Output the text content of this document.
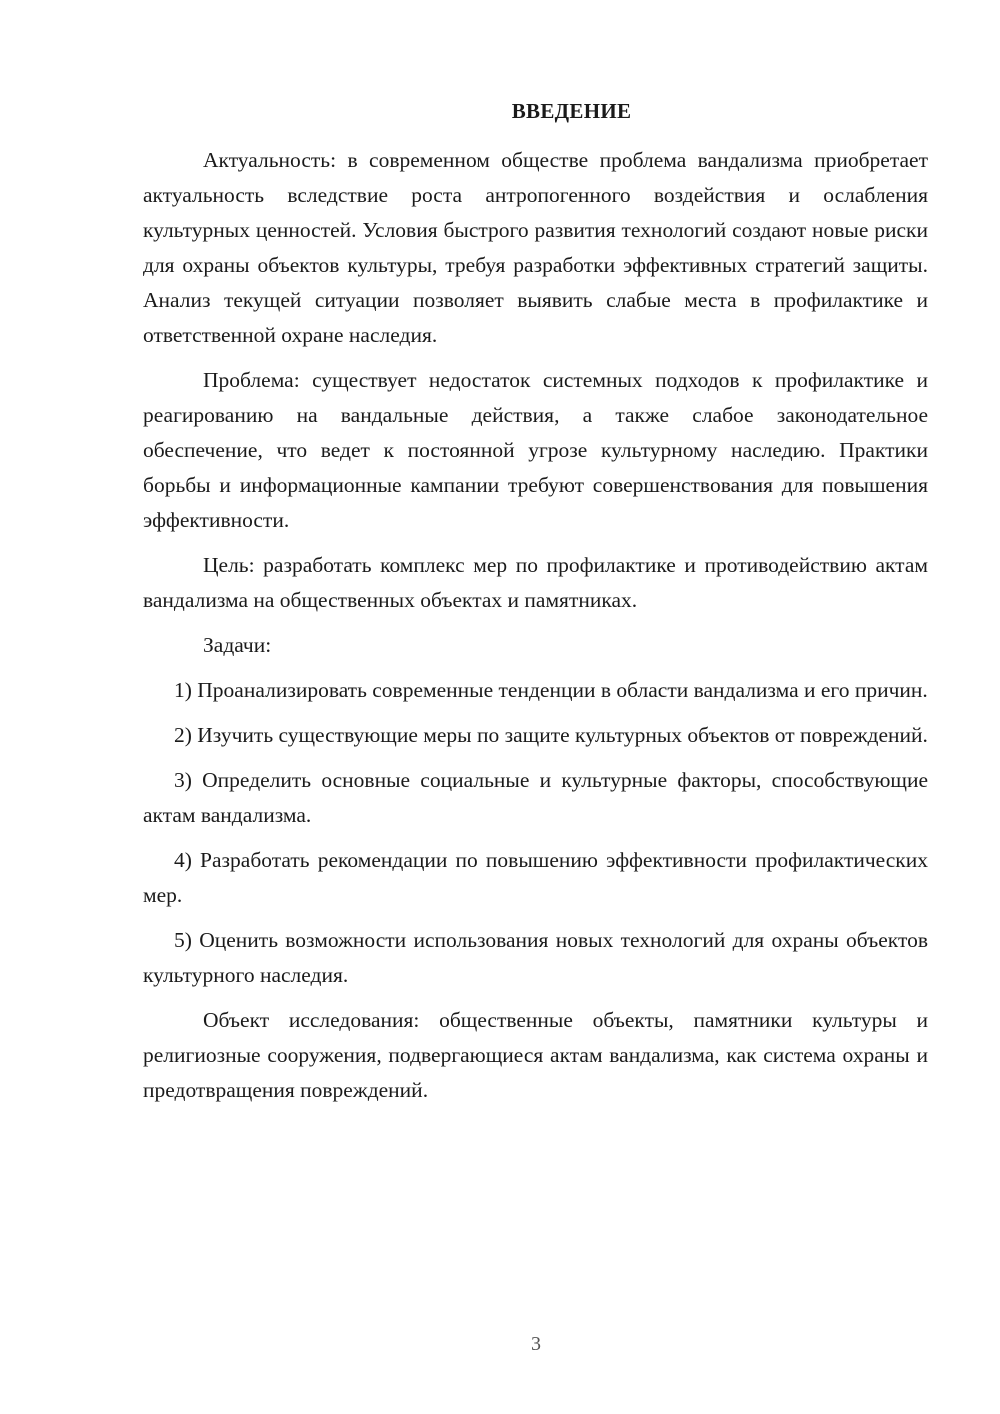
ВВЕДЕНИЕ

Актуальность: в современном обществе проблема вандализма приобретает актуальность вследствие роста антропогенного воздействия и ослабления культурных ценностей. Условия быстрого развития технологий создают новые риски для охраны объектов культуры, требуя разработки эффективных стратегий защиты. Анализ текущей ситуации позволяет выявить слабые места в профилактике и ответственной охране наследия.

Проблема: существует недостаток системных подходов к профилактике и реагированию на вандальные действия, а также слабое законодательное обеспечение, что ведет к постоянной угрозе культурному наследию. Практики борьбы и информационные кампании требуют совершенствования для повышения эффективности.

Цель: разработать комплекс мер по профилактике и противодействию актам вандализма на общественных объектах и памятниках.

Задачи:

1) Проанализировать современные тенденции в области вандализма и его причин.

2) Изучить существующие меры по защите культурных объектов от повреждений.

3) Определить основные социальные и культурные факторы, способствующие актам вандализма.

4) Разработать рекомендации по повышению эффективности профилактических мер.

5) Оценить возможности использования новых технологий для охраны объектов культурного наследия.

Объект исследования: общественные объекты, памятники культуры и религиозные сооружения, подвергающиеся актам вандализма, как система охраны и предотвращения повреждений.

3
